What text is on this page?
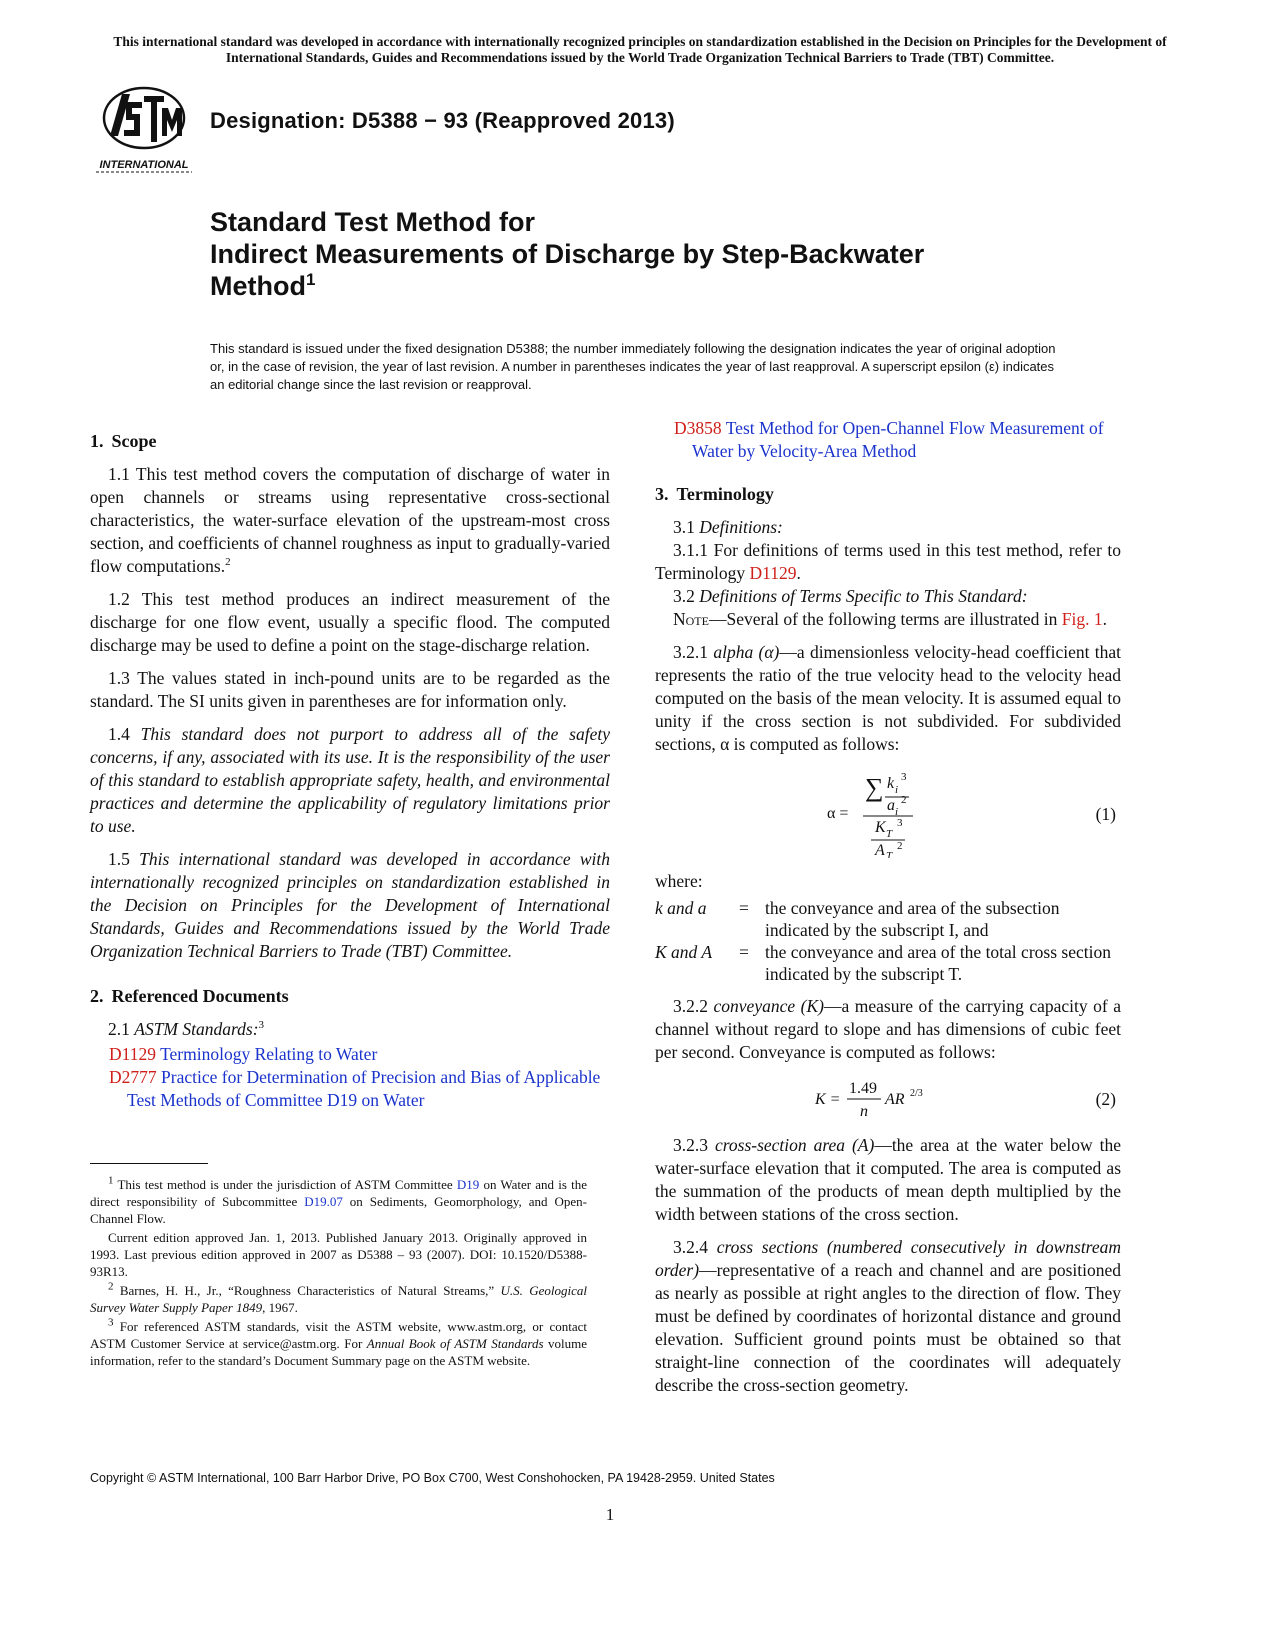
This international standard was developed in accordance with internationally recognized principles on standardization established in the Decision on Principles for the Development of International Standards, Guides and Recommendations issued by the World Trade Organization Technical Barriers to Trade (TBT) Committee.
INTERNATIONAL
Designation: D5388 − 93 (Reapproved 2013)
Standard Test Method for
Indirect Measurements of Discharge by Step-Backwater
Method$^1$
This standard is issued under the fixed designation D5388; the number immediately following the designation indicates the year of original adoption or, in the case of revision, the year of last revision. A number in parentheses indicates the year of last reapproval. A superscript epsilon (ε) indicates an editorial change since the last revision or reapproval.
1. Scope

1.1 This test method covers the computation of discharge of water in open channels or streams using representative cross-sectional characteristics, the water-surface elevation of the upstream-most cross section, and coefficients of channel roughness as input to gradually-varied flow computations.$^2$

1.2 This test method produces an indirect measurement of the discharge for one flow event, usually a specific flood. The computed discharge may be used to define a point on the stage-discharge relation.

1.3 The values stated in inch-pound units are to be regarded as the standard. The SI units given in parentheses are for information only.

1.4 This standard does not purport to address all of the safety concerns, if any, associated with its use. It is the responsibility of the user of this standard to establish appropriate safety, health, and environmental practices and determine the applicability of regulatory limitations prior to use.

1.5 This international standard was developed in accordance with internationally recognized principles on standardization established in the Decision on Principles for the Development of International Standards, Guides and Recommendations issued by the World Trade Organization Technical Barriers to Trade (TBT) Committee.

2. Referenced Documents

2.1 ASTM Standards:$^3$

D1129 Terminology Relating to Water

D2777 Practice for Determination of Precision and Bias of Applicable Test Methods of Committee D19 on Water

$^1$ This test method is under the jurisdiction of ASTM Committee D19 on Water and is the direct responsibility of Subcommittee D19.07 on Sediments, Geomorphology, and Open-Channel Flow.

Current edition approved Jan. 1, 2013. Published January 2013. Originally approved in 1993. Last previous edition approved in 2007 as D5388 – 93 (2007). DOI: 10.1520/D5388-93R13.

$^2$ Barnes, H. H., Jr., “Roughness Characteristics of Natural Streams,” U.S. Geological Survey Water Supply Paper 1849, 1967.

$^3$ For referenced ASTM standards, visit the ASTM website, www.astm.org, or contact ASTM Customer Service at service@astm.org. For Annual Book of ASTM Standards volume information, refer to the standard’s Document Summary page on the ASTM website.

D3858 Test Method for Open-Channel Flow Measurement of Water by Velocity-Area Method

3. Terminology

3.1 Definitions:

3.1.1 For definitions of terms used in this test method, refer to Terminology D1129.

3.2 Definitions of Terms Specific to This Standard:

Note—Several of the following terms are illustrated in Fig. 1.

3.2.1 alpha (α)—a dimensionless velocity-head coefficient that represents the ratio of the true velocity head to the velocity head computed on the basis of the mean velocity. It is assumed equal to unity if the cross section is not subdivided. For subdivided sections, α is computed as follows:

α =
∑ k i
3
a i
2
K T
3
A T
2
(1)

where:

k and a	=	the conveyance and area of the subsection indicated by the subscript I, and
K and A	=	the conveyance and area of the total cross section indicated by the subscript T.

3.2.2 conveyance (K)—a measure of the carrying capacity of a channel without regard to slope and has dimensions of cubic feet per second. Conveyance is computed as follows:

K =
1.49
n
AR 2/3	(2)

3.2.3 cross-section area (A)—the area at the water below the water-surface elevation that it computed. The area is computed as the summation of the products of mean depth multiplied by the width between stations of the cross section.

3.2.4 cross sections (numbered consecutively in downstream order)—representative of a reach and channel and are positioned as nearly as possible at right angles to the direction of flow. They must be defined by coordinates of horizontal distance and ground elevation. Sufficient ground points must be obtained so that straight-line connection of the coordinates will adequately describe the cross-section geometry.

Copyright © ASTM International, 100 Barr Harbor Drive, PO Box C700, West Conshohocken, PA 19428-2959. United States
1
